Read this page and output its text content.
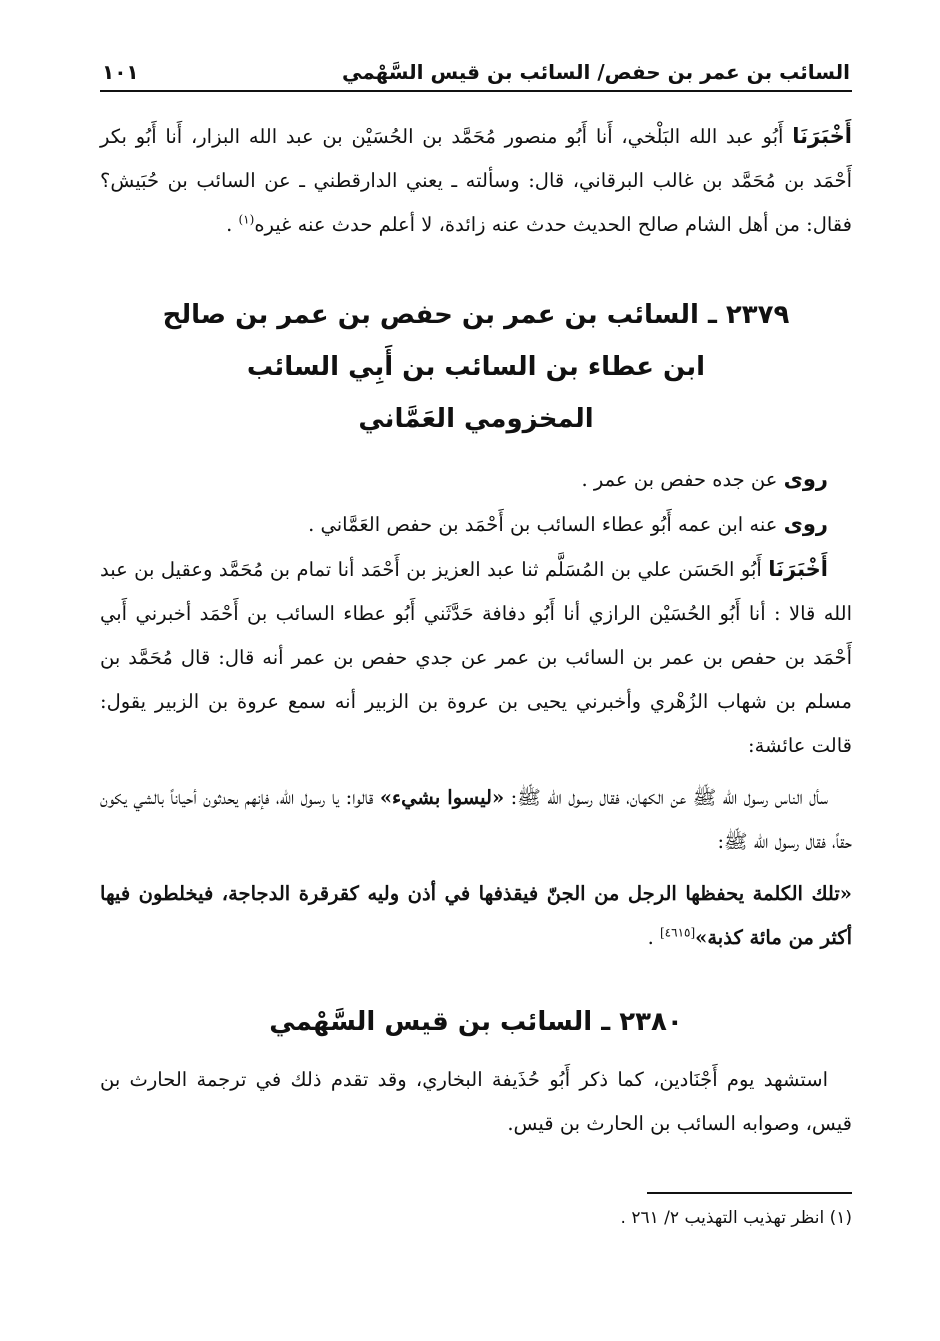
السائب بن عمر بن حفص/ السائب بن قيس السَّهْمي
١٠١

أَخْبَرَنَا أَبُو عبد الله البَلْخي، أَنا أَبُو منصور مُحَمَّد بن الحُسَيْن بن عبد الله البزار، أَنا أَبُو بكر أَحْمَد بن مُحَمَّد بن غالب البرقاني، قال: وسألته ـ يعني الدارقطني ـ عن السائب بن حُبَيش؟ فقال: من أهل الشام صالح الحديث حدث عنه زائدة، لا أعلم حدث عنه غيره$^{(١)}$ .

٢٣٧٩ ـ السائب بن عمر بن حفص بن عمر بن صالح
ابن عطاء بن السائب بن أَبِي السائب
المخزومي العَمَّاني

روى عن جده حفص بن عمر .

روى عنه ابن عمه أَبُو عطاء السائب بن أَحْمَد بن حفص العَمَّاني .

أَخْبَرَنَا أَبُو الحَسَن علي بن المُسَلَّم ثنا عبد العزيز بن أَحْمَد أنا تمام بن مُحَمَّد وعقيل بن عبد الله قالا : أنا أَبُو الحُسَيْن الرازي أنا أَبُو دفافة حَدَّثَني أَبُو عطاء السائب بن أَحْمَد أخبرني أَبي أَحْمَد بن حفص بن عمر بن السائب بن عمر عن جدي حفص بن عمر أنه قال: قال مُحَمَّد بن مسلم بن شهاب الزُهْري وأخبرني يحيى بن عروة بن الزبير أنه سمع عروة بن الزبير يقول: قالت عائشة:

سأل الناس رسول الله ﷺ عن الكهان، فقال رسول الله ﷺ: «ليسوا بشيء» قالوا: يا رسول الله، فإنهم يحدثون أحياناً بالشي يكون حقاً، فقال رسول الله ﷺ:

«تلك الكلمة يحفظها الرجل من الجنّ فيقذفها في أذن وليه كقرقرة الدجاجة، فيخلطون فيها أكثر من مائة كذبة»[٤٦١٥] .

٢٣٨٠ ـ السائب بن قيس السَّهْمي

استشهد يوم أَجْنَادين، كما ذكر أَبُو حُذَيفة البخاري، وقد تقدم ذلك في ترجمة الحارث بن قيس، وصوابه السائب بن الحارث بن قيس.

(١) انظر تهذيب التهذيب ٢/ ٢٦١ .
